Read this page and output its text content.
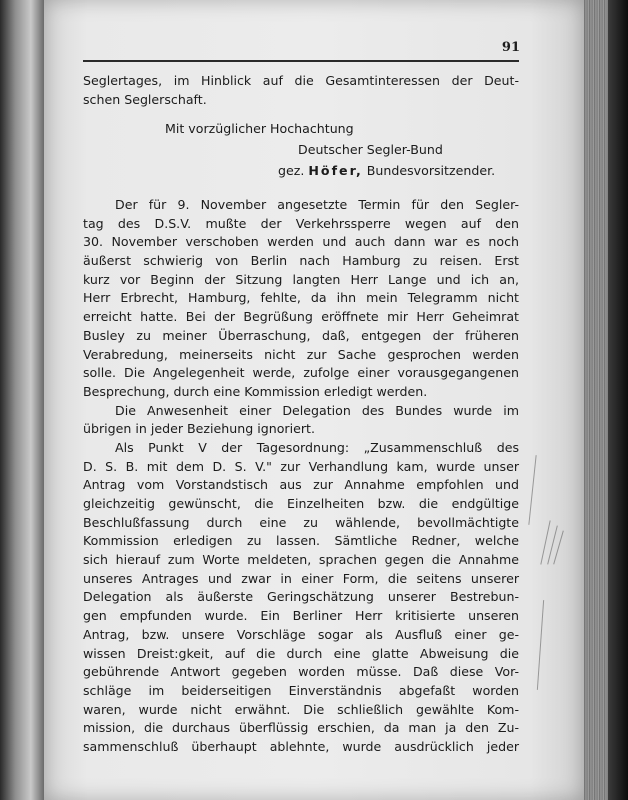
91
Seglertages, im Hinblick auf die Gesamtinteressen der Deut-
schen Seglerschaft.
Mit vorzüglicher Hochachtung
Deutscher Segler-Bund
gez. Höfer, Bundesvorsitzender.
Der für 9. November angesetzte Termin für den Segler-
tag des D.S.V. mußte der Verkehrssperre wegen auf den
30. November verschoben werden und auch dann war es noch
äußerst schwierig von Berlin nach Hamburg zu reisen. Erst
kurz vor Beginn der Sitzung langten Herr Lange und ich an,
Herr Erbrecht, Hamburg, fehlte, da ihn mein Telegramm nicht
erreicht hatte. Bei der Begrüßung eröffnete mir Herr Geheimrat
Busley zu meiner Überraschung, daß, entgegen der früheren
Verabredung, meinerseits nicht zur Sache gesprochen werden
solle. Die Angelegenheit werde, zufolge einer vorausgegangenen
Besprechung, durch eine Kommission erledigt werden.
Die Anwesenheit einer Delegation des Bundes wurde im
übrigen in jeder Beziehung ignoriert.
Als Punkt V der Tagesordnung: „Zusammenschluß des
D. S. B. mit dem D. S. V." zur Verhandlung kam, wurde unser
Antrag vom Vorstandstisch aus zur Annahme empfohlen und
gleichzeitig gewünscht, die Einzelheiten bzw. die endgültige
Beschlußfassung durch eine zu wählende, bevollmächtigte
Kommission erledigen zu lassen. Sämtliche Redner, welche
sich hierauf zum Worte meldeten, sprachen gegen die Annahme
unseres Antrages und zwar in einer Form, die seitens unserer
Delegation als äußerste Geringschätzung unserer Bestrebun-
gen empfunden wurde. Ein Berliner Herr kritisierte unseren
Antrag, bzw. unsere Vorschläge sogar als Ausfluß einer ge-
wissen Dreist:gkeit, auf die durch eine glatte Abweisung die
gebührende Antwort gegeben worden müsse. Daß diese Vor-
schläge im beiderseitigen Einverständnis abgefaßt worden
waren, wurde nicht erwähnt. Die schließlich gewählte Kom-
mission, die durchaus überflüssig erschien, da man ja den Zu-
sammenschluß überhaupt ablehnte, wurde ausdrücklich jeder
